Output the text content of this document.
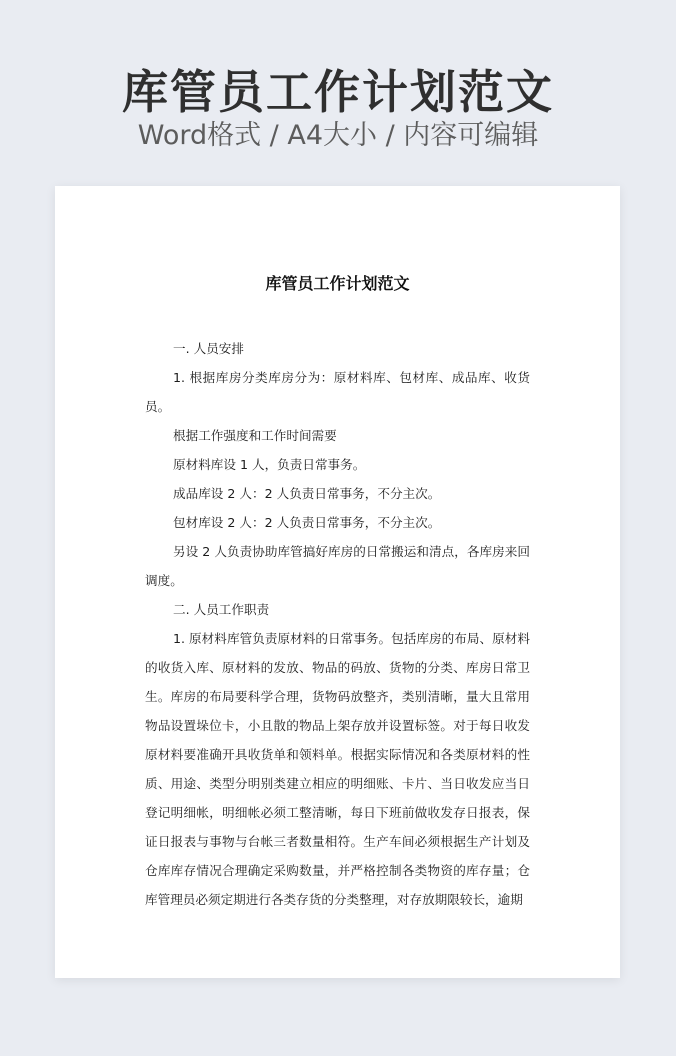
库管员工作计划范文
Word格式 / A4大小 / 内容可编辑
库管员工作计划范文

一. 人员安排

1. 根据库房分类库房分为：原材料库、包材库、成品库、收货员。

根据工作强度和工作时间需要

原材料库设 1 人，负责日常事务。

成品库设 2 人：2 人负责日常事务，不分主次。

包材库设 2 人：2 人负责日常事务，不分主次。

另设 2 人负责协助库管搞好库房的日常搬运和清点，各库房来回调度。

二. 人员工作职责

1. 原材料库管负责原材料的日常事务。包括库房的布局、原材料的收货入库、原材料的发放、物品的码放、货物的分类、库房日常卫生。库房的布局要科学合理，货物码放整齐，类别清晰，量大且常用物品设置垛位卡，小且散的物品上架存放并设置标签。对于每日收发原材料要准确开具收货单和领料单。根据实际情况和各类原材料的性质、用途、类型分明别类建立相应的明细账、卡片、当日收发应当日登记明细帐，明细帐必须工整清晰，每日下班前做收发存日报表，保证日报表与事物与台帐三者数量相符。生产车间必须根据生产计划及仓库库存情况合理确定采购数量，并严格控制各类物资的库存量；仓库管理员必须定期进行各类存货的分类整理，对存放期限较长，逾期
